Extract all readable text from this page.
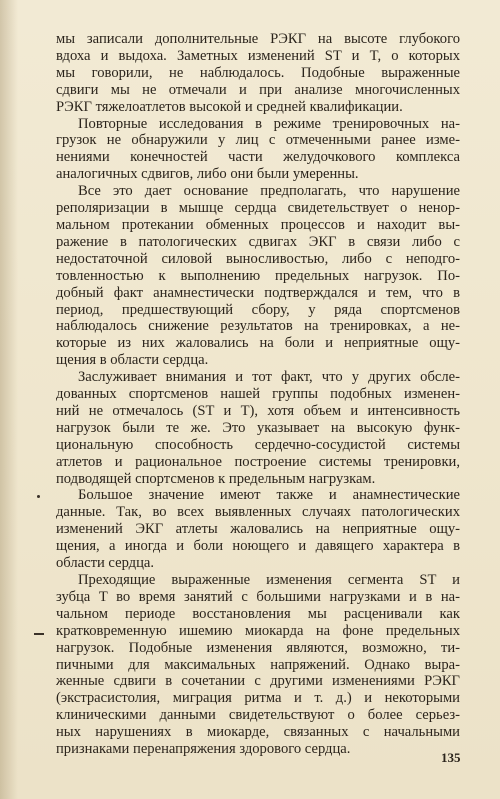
мы записали дополнительные РЭКГ на высоте глубокого
вдоха и выдоха. Заметных изменений ST и T, о которых
мы говорили, не наблюдалось. Подобные выраженные
сдвиги мы не отмечали и при анализе многочисленных
РЭКГ тяжелоатлетов высокой и средней квалификации.
Повторные исследования в режиме тренировочных на-
грузок не обнаружили у лиц с отмеченными ранее изме-
нениями конечностей части желудочкового комплекса
аналогичных сдвигов, либо они были умеренны.
Все это дает основание предполагать, что нарушение
реполяризации в мышце сердца свидетельствует о ненор-
мальном протекании обменных процессов и находит вы-
ражение в патологических сдвигах ЭКГ в связи либо с
недостаточной силовой выносливостью, либо с неподго-
товленностью к выполнению предельных нагрузок. По-
добный факт анамнестически подтверждался и тем, что в
период, предшествующий сбору, у ряда спортсменов
наблюдалось снижение результатов на тренировках, а не-
которые из них жаловались на боли и неприятные ощу-
щения в области сердца.
Заслуживает внимания и тот факт, что у других обсле-
дованных спортсменов нашей группы подобных изменен-
ний не отмечалось (ST и T), хотя объем и интенсивность
нагрузок были те же. Это указывает на высокую функ-
циональную способность сердечно-сосудистой системы
атлетов и рациональное построение системы тренировки,
подводящей спортсменов к предельным нагрузкам.
Большое значение имеют также и анамнестические
данные. Так, во всех выявленных случаях патологических
изменений ЭКГ атлеты жаловались на неприятные ощу-
щения, а иногда и боли ноющего и давящего характера в
области сердца.
Преходящие выраженные изменения сегмента ST и
зубца T во время занятий с большими нагрузками и в на-
чальном периоде восстановления мы расценивали как
кратковременную ишемию миокарда на фоне предельных
нагрузок. Подобные изменения являются, возможно, ти-
пичными для максимальных напряжений. Однако выра-
женные сдвиги в сочетании с другими изменениями РЭКГ
(экстрасистолия, миграция ритма и т. д.) и некоторыми
клиническими данными свидетельствуют о более серьез-
ных нарушениях в миокарде, связанных с начальными
признаками перенапряжения здорового сердца.
135
